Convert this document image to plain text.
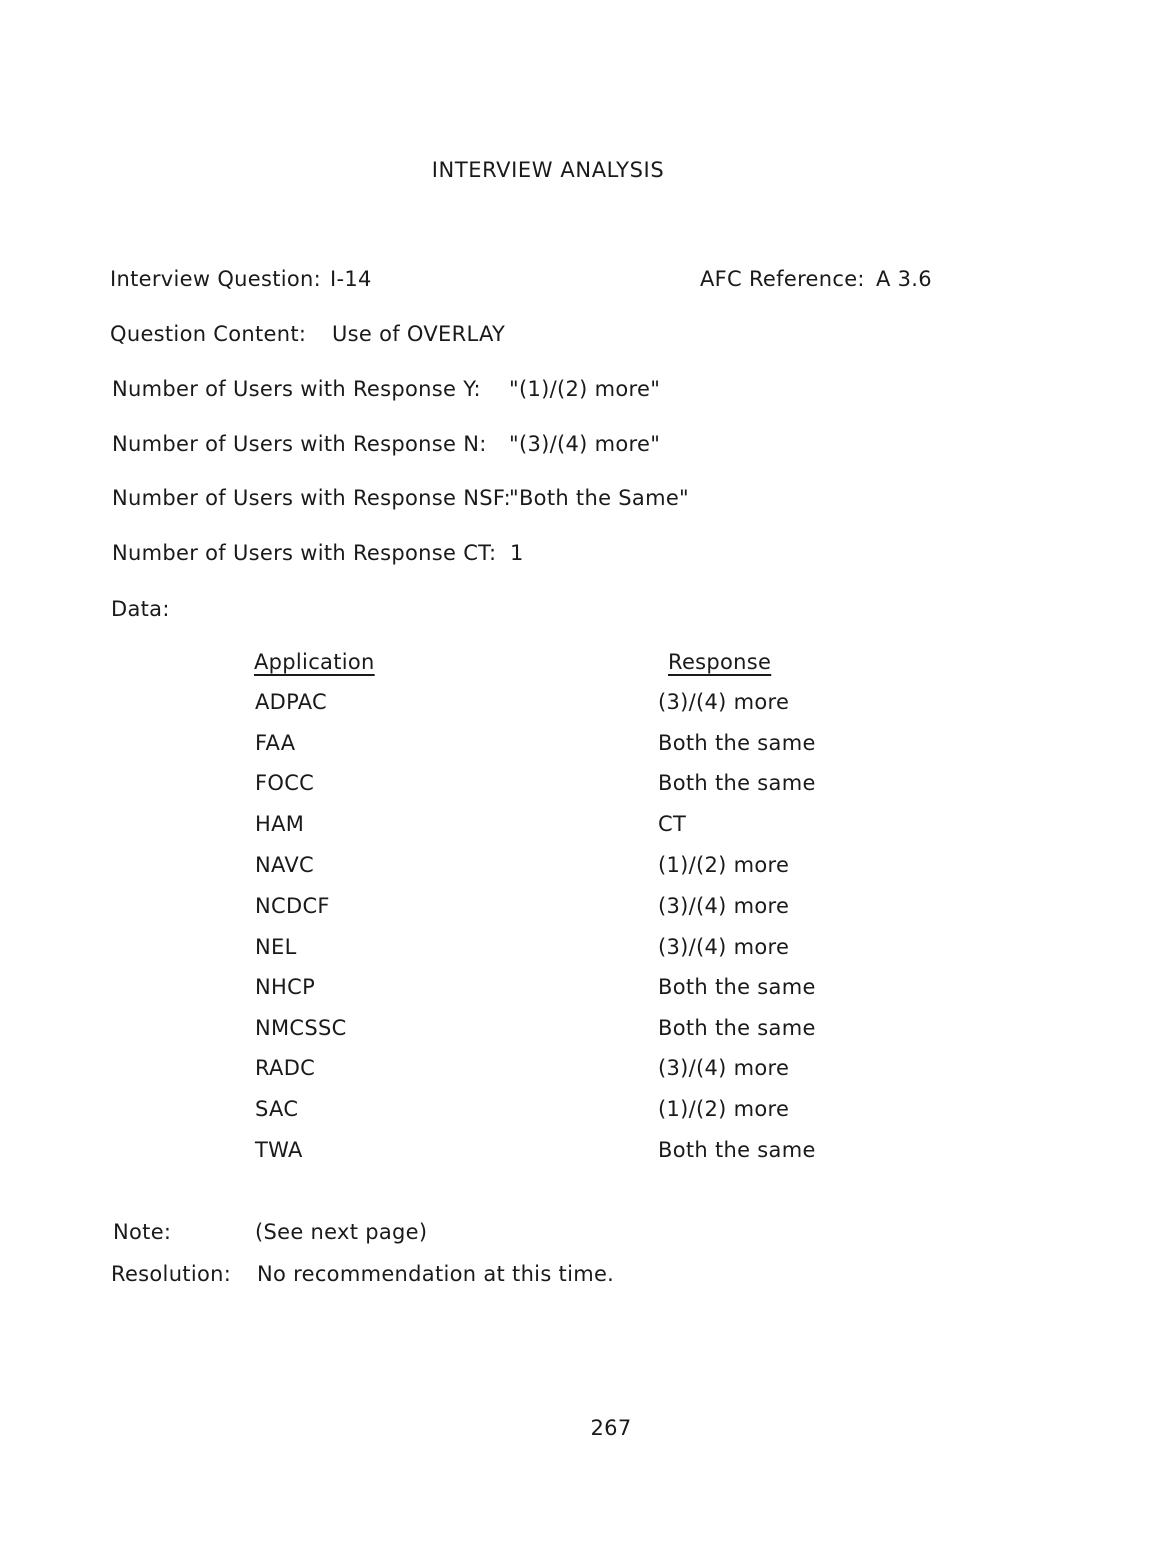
INTERVIEW ANALYSIS
Interview Question: I-14	AFC Reference: A 3.6
Question Content: Use of OVERLAY
Number of Users with Response Y: "(1)/(2) more"
Number of Users with Response N: "(3)/(4) more"
Number of Users with Response NSF:
"Both the Same"
Number of Users with Response CT: 1
Data:
Application	Response
ADPAC	(3)/(4) more
FAA	Both the same
FOCC	Both the same
HAM	CT
NAVC	(1)/(2) more
NCDCF	(3)/(4) more
NEL	(3)/(4) more
NHCP	Both the same
NMCSSC	Both the same
RADC	(3)/(4) more
SAC	(1)/(2) more
TWA	Both the same
Note:	(See next page)
Resolution: No recommendation at this time.
267
